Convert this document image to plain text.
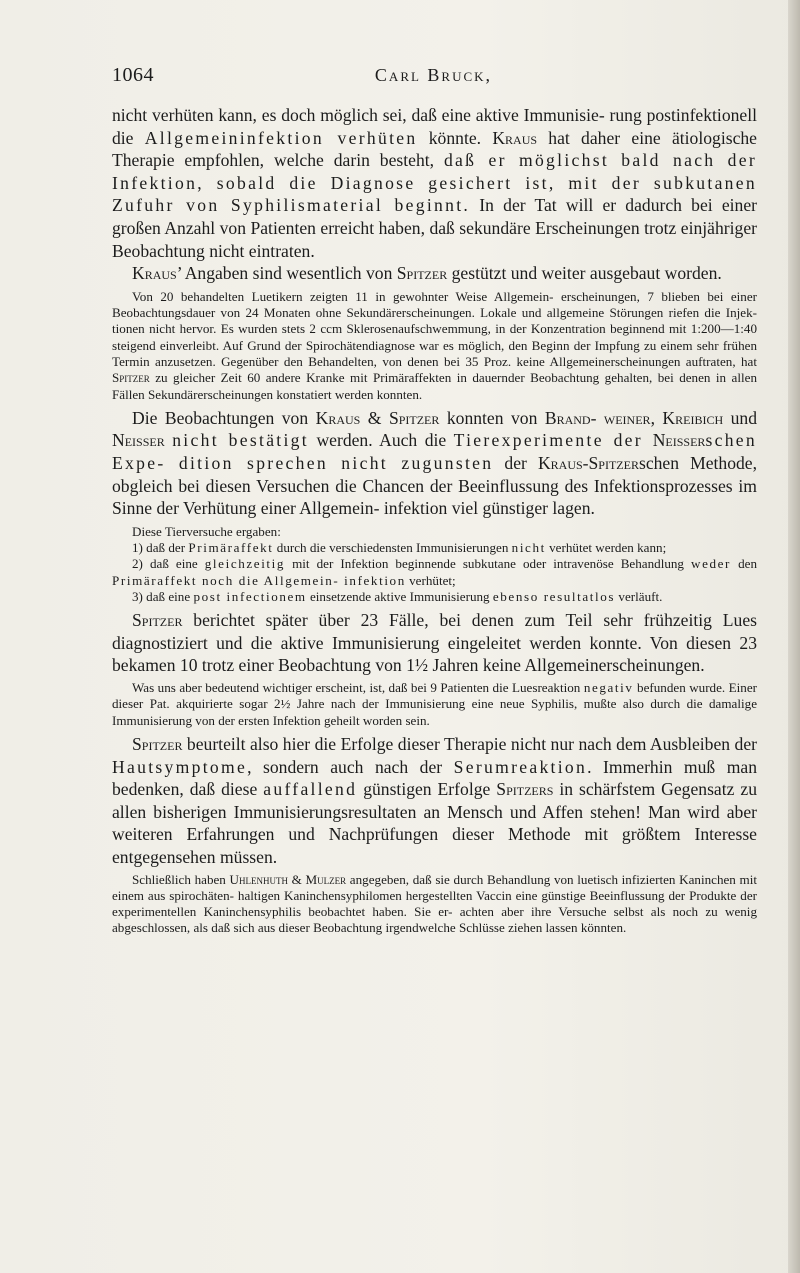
1064	Carl Bruck,

nicht verhüten kann, es doch möglich sei, daß eine aktive Immunisie- rung postinfektionell die Allgemeininfektion verhüten könnte. Kraus hat daher eine ätiologische Therapie empfohlen, welche darin besteht, daß er möglichst bald nach der Infektion, sobald die Diagnose gesichert ist, mit der subkutanen Zufuhr von Syphilismaterial beginnt. In der Tat will er dadurch bei einer großen Anzahl von Patienten erreicht haben, daß sekundäre Erscheinungen trotz einjähriger Beobachtung nicht eintraten.

Kraus’ Angaben sind wesentlich von Spitzer gestützt und weiter ausgebaut worden.

Von 20 behandelten Luetikern zeigten 11 in gewohnter Weise Allgemein- erscheinungen, 7 blieben bei einer Beobachtungsdauer von 24 Monaten ohne Sekundärerscheinungen. Lokale und allgemeine Störungen riefen die Injek- tionen nicht hervor. Es wurden stets 2 ccm Sklerosenaufschwemmung, in der Konzentration beginnend mit 1:200—1:40 steigend einverleibt. Auf Grund der Spirochätendiagnose war es möglich, den Beginn der Impfung zu einem sehr frühen Termin anzusetzen. Gegenüber den Behandelten, von denen bei 35 Proz. keine Allgemeinerscheinungen auftraten, hat Spitzer zu gleicher Zeit 60 andere Kranke mit Primäraffekten in dauernder Beobachtung gehalten, bei denen in allen Fällen Sekundärerscheinungen konstatiert werden konnten.

Die Beobachtungen von Kraus & Spitzer konnten von Brand- weiner, Kreibich und Neisser nicht bestätigt werden. Auch die Tierexperimente der Neisserschen Expe- dition sprechen nicht zugunsten der Kraus-Spitzerschen Methode, obgleich bei diesen Versuchen die Chancen der Beeinflussung des Infektionsprozesses im Sinne der Verhütung einer Allgemein- infektion viel günstiger lagen.

Diese Tierversuche ergaben:

1) daß der Primäraffekt durch die verschiedensten Immunisierungen nicht verhütet werden kann;

2) daß eine gleichzeitig mit der Infektion beginnende subkutane oder intravenöse Behandlung weder den Primäraffekt noch die Allgemein- infektion verhütet;

3) daß eine post infectionem einsetzende aktive Immunisierung ebenso resultatlos verläuft.

Spitzer berichtet später über 23 Fälle, bei denen zum Teil sehr frühzeitig Lues diagnostiziert und die aktive Immunisierung eingeleitet werden konnte. Von diesen 23 bekamen 10 trotz einer Beobachtung von 1½ Jahren keine Allgemeinerscheinungen.

Was uns aber bedeutend wichtiger erscheint, ist, daß bei 9 Patienten die Luesreaktion negativ befunden wurde. Einer dieser Pat. akquirierte sogar 2½ Jahre nach der Immunisierung eine neue Syphilis, mußte also durch die damalige Immunisierung von der ersten Infektion geheilt worden sein.

Spitzer beurteilt also hier die Erfolge dieser Therapie nicht nur nach dem Ausbleiben der Hautsymptome, sondern auch nach der Serumreaktion. Immerhin muß man bedenken, daß diese auffallend günstigen Erfolge Spitzers in schärfstem Gegensatz zu allen bisherigen Immunisierungsresultaten an Mensch und Affen stehen! Man wird aber weiteren Erfahrungen und Nachprüfungen dieser Methode mit größtem Interesse entgegensehen müssen.

Schließlich haben Uhlenhuth & Mulzer angegeben, daß sie durch Behandlung von luetisch infizierten Kaninchen mit einem aus spirochäten- haltigen Kaninchensyphilomen hergestellten Vaccin eine günstige Beeinflussung der Produkte der experimentellen Kaninchensyphilis beobachtet haben. Sie er- achten aber ihre Versuche selbst als noch zu wenig abgeschlossen, als daß sich aus dieser Beobachtung irgendwelche Schlüsse ziehen lassen könnten.
